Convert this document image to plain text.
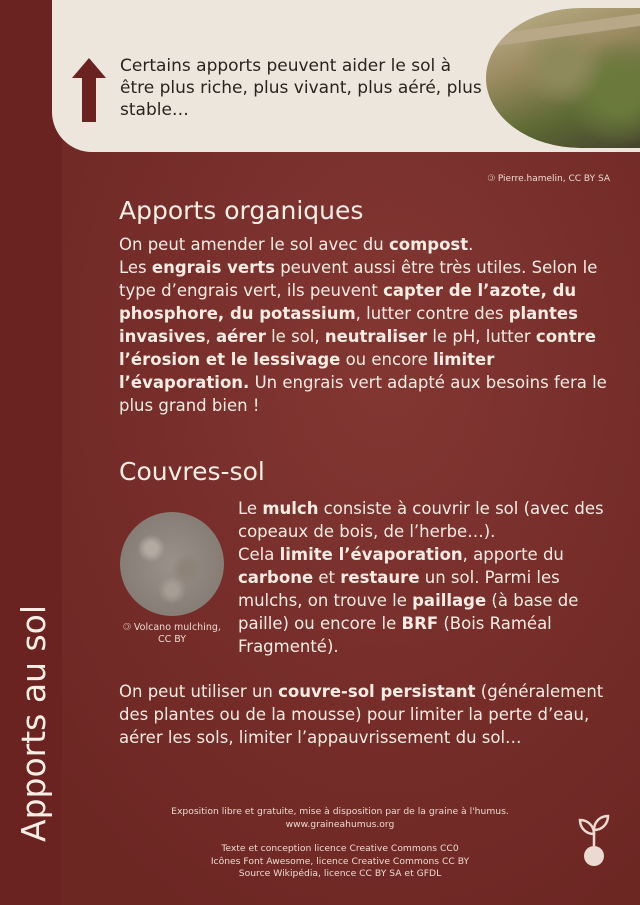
Certains apports peuvent aider le sol à être plus riche, plus vivant, plus aéré, plus stable…
🄯 Pierre.hamelin, CC BY SA
Apports organiques

On peut amender le sol avec du compost.
Les engrais verts peuvent aussi être très utiles. Selon le type d’engrais vert, ils peuvent capter de l’azote, du phosphore, du potassium, lutter contre des plantes invasives, aérer le sol, neutraliser le pH, lutter contre l’érosion et le lessivage ou encore limiter l’évaporation. Un engrais vert adapté aux besoins fera le plus grand bien !

Couvres-sol
🄯 Volcano mulching, CC BY

Le mulch consiste à couvrir le sol (avec des copeaux de bois, de l’herbe…).
Cela limite l’évaporation, apporte du carbone et restaure un sol. Parmi les mulchs, on trouve le paillage (à base de paille) ou encore le BRF (Bois Raméal Fragmenté).

On peut utiliser un couvre-sol persistant (généralement des plantes ou de la mousse) pour limiter la perte d’eau, aérer les sols, limiter l’appauvrissement du sol…

Apports au sol	Exposition libre et gratuite, mise à disposition par de la graine à l'humus.
www.graineahumus.org
Texte et conception licence Creative Commons CC0
Icônes Font Awesome, licence Creative Commons CC BY
Source Wikipédia, licence CC BY SA et GFDL
